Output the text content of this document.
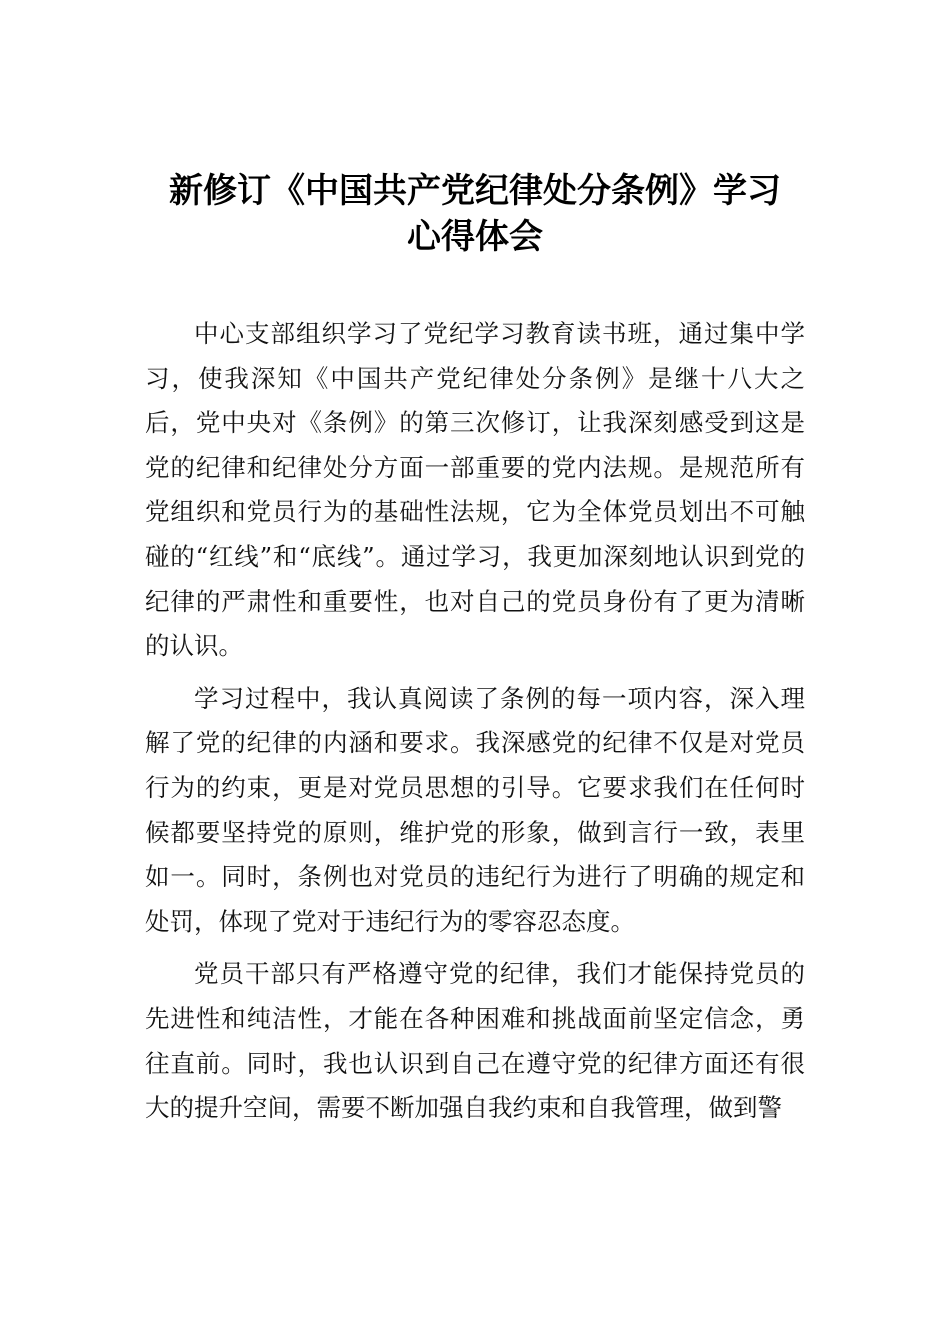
新修订《中国共产党纪律处分条例》学习
心得体会

中心支部组织学习了党纪学习教育读书班，通过集中学习，使我深知《中国共产党纪律处分条例》是继十八大之后，党中央对《条例》的第三次修订，让我深刻感受到这是党的纪律和纪律处分方面一部重要的党内法规。是规范所有党组织和党员行为的基础性法规，它为全体党员划出不可触碰的“红线”和“底线”。通过学习，我更加深刻地认识到党的纪律的严肃性和重要性，也对自己的党员身份有了更为清晰的认识。

学习过程中，我认真阅读了条例的每一项内容，深入理解了党的纪律的内涵和要求。我深感党的纪律不仅是对党员行为的约束，更是对党员思想的引导。它要求我们在任何时候都要坚持党的原则，维护党的形象，做到言行一致，表里如一。同时，条例也对党员的违纪行为进行了明确的规定和处罚，体现了党对于违纪行为的零容忍态度。

党员干部只有严格遵守党的纪律，我们才能保持党员的先进性和纯洁性，才能在各种困难和挑战面前坚定信念，勇往直前。同时，我也认识到自己在遵守党的纪律方面还有很大的提升空间，需要不断加强自我约束和自我管理，做到警
